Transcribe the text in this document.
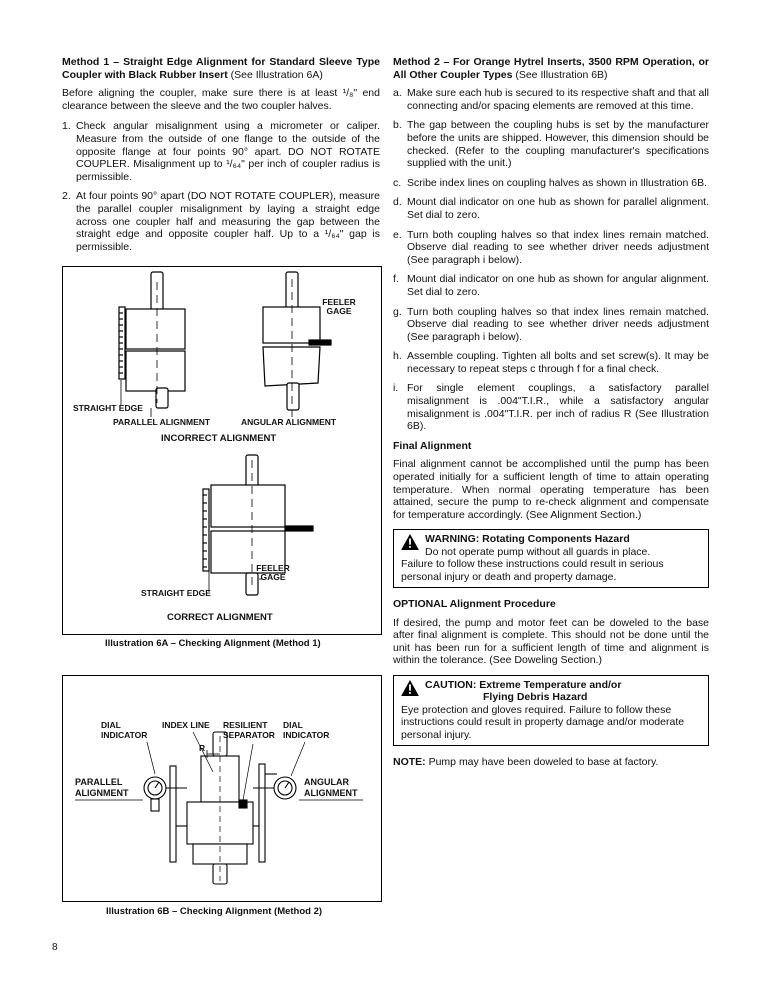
Method 1 – Straight Edge Alignment for Standard Sleeve Type Coupler with Black Rubber Insert (See Illustration 6A)

Before aligning the coupler, make sure there is at least ¹/₈" end clearance between the sleeve and the two coupler halves.

1. Check angular misalignment using a micrometer or caliper. Measure from the outside of one flange to the outside of the opposite flange at four points 90° apart. DO NOT ROTATE COUPLER. Misalignment up to ¹/₆₄" per inch of coupler radius is permissible.
2. At four points 90° apart (DO NOT ROTATE COUPLER), measure the parallel coupler misalignment by laying a straight edge across one coupler half and measuring the gap between the straight edge and opposite coupler half. Up to a ¹/₆₄" gap is permissible.
FEELER GAGE
STRAIGHT EDGE
PARALLEL ALIGNMENT	ANGULAR ALIGNMENT
INCORRECT ALIGNMENT
FEELER GAGE
STRAIGHT EDGE
CORRECT ALIGNMENT
Illustration 6A – Checking Alignment (Method 1)
DIAL INDICATOR
INDEX LINE RESILIENT SEPARATOR
DIAL INDICATOR
R
PARALLEL ALIGNMENT
ANGULAR ALIGNMENT
Illustration 6B – Checking Alignment (Method 2)

Method 2 – For Orange Hytrel Inserts, 3500 RPM Operation, or All Other Coupler Types (See Illustration 6B)

a. Make sure each hub is secured to its respective shaft and that all connecting and/or spacing elements are removed at this time.
b. The gap between the coupling hubs is set by the manufacturer before the units are shipped. However, this dimension should be checked. (Refer to the coupling manufacturer's specifications supplied with the unit.)
c. Scribe index lines on coupling halves as shown in Illustration 6B.
d. Mount dial indicator on one hub as shown for parallel alignment. Set dial to zero.
e. Turn both coupling halves so that index lines remain matched. Observe dial reading to see whether driver needs adjustment (See paragraph i below).
f. Mount dial indicator on one hub as shown for angular alignment. Set dial to zero.
g. Turn both coupling halves so that index lines remain matched. Observe dial reading to see whether driver needs adjustment (See paragraph i below).
h. Assemble coupling. Tighten all bolts and set screw(s). It may be necessary to repeat steps c through f for a final check.
i. For single element couplings, a satisfactory parallel misalignment is .004"T.I.R., while a satisfactory angular misalignment is .004"T.I.R. per inch of radius R (See Illustration 6B).

Final Alignment

Final alignment cannot be accomplished until the pump has been operated initially for a sufficient length of time to attain operating temperature. When normal operating temperature has been attained, secure the pump to re-check alignment and compensate for temperature accordingly. (See Alignment Section.)

WARNING: Rotating Components Hazard
Do not operate pump without all guards in place.
Failure to follow these instructions could result in serious personal injury or death and property damage.

OPTIONAL Alignment Procedure

If desired, the pump and motor feet can be doweled to the base after final alignment is complete. This should not be done until the unit has been run for a sufficient length of time and alignment is within the tolerance. (See Doweling Section.)

CAUTION: Extreme Temperature and/or
Flying Debris Hazard
Eye protection and gloves required. Failure to follow these instructions could result in property damage and/or moderate personal injury.

NOTE: Pump may have been doweled to base at factory.

8
